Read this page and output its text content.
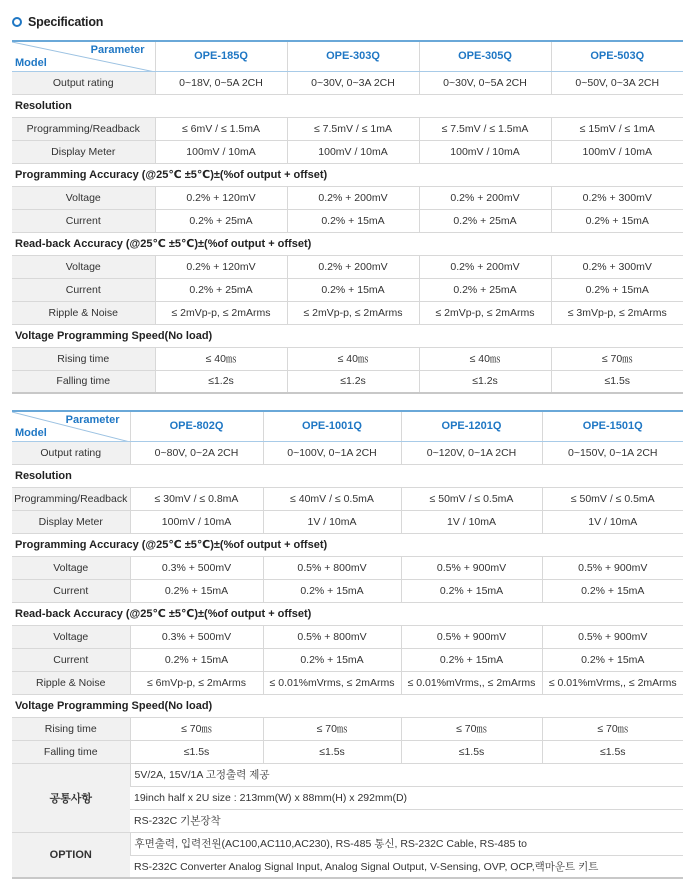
Specification
Parameter
Model	OPE-185Q	OPE-303Q	OPE-305Q	OPE-503Q
Output rating	0~18V, 0~5A 2CH	0~30V, 0~3A 2CH	0~30V, 0~5A 2CH	0~50V, 0~3A 2CH
Resolution				
Programming/Readback	≤ 6mV / ≤ 1.5mA	≤ 7.5mV / ≤ 1mA	≤ 7.5mV / ≤ 1.5mA	≤ 15mV / ≤ 1mA
Display Meter	100mV / 10mA	100mV / 10mA	100mV / 10mA	100mV / 10mA
Programming Accuracy (@25℃ ±5℃)±(%of output + offset)				
Voltage	0.2% + 120mV	0.2% + 200mV	0.2% + 200mV	0.2% + 300mV
Current	0.2% + 25mA	0.2% + 15mA	0.2% + 25mA	0.2% + 15mA
Read-back Accuracy (@25℃ ±5℃)±(%of output + offset)				
Voltage	0.2% + 120mV	0.2% + 200mV	0.2% + 200mV	0.2% + 300mV
Current	0.2% + 25mA	0.2% + 15mA	0.2% + 25mA	0.2% + 15mA
Ripple & Noise	≤ 2mVp-p, ≤ 2mArms	≤ 2mVp-p, ≤ 2mArms	≤ 2mVp-p, ≤ 2mArms	≤ 3mVp-p, ≤ 2mArms
Voltage Programming Speed(No load)				
Rising time	≤ 40㎳	≤ 40㎳	≤ 40㎳	≤ 70㎳
Falling time	≤1.2s	≤1.2s	≤1.2s	≤1.5s
Parameter
Model	OPE-802Q	OPE-1001Q	OPE-1201Q	OPE-1501Q
Output rating	0~80V, 0~2A 2CH	0~100V, 0~1A 2CH	0~120V, 0~1A 2CH	0~150V, 0~1A 2CH
Resolution				
Programming/Readback	≤ 30mV / ≤ 0.8mA	≤ 40mV / ≤ 0.5mA	≤ 50mV / ≤ 0.5mA	≤ 50mV / ≤ 0.5mA
Display Meter	100mV / 10mA	1V / 10mA	1V / 10mA	1V / 10mA
Programming Accuracy (@25℃ ±5℃)±(%of output + offset)				
Voltage	0.3% + 500mV	0.5% + 800mV	0.5% + 900mV	0.5% + 900mV
Current	0.2% + 15mA	0.2% + 15mA	0.2% + 15mA	0.2% + 15mA
Read-back Accuracy (@25℃ ±5℃)±(%of output + offset)				
Voltage	0.3% + 500mV	0.5% + 800mV	0.5% + 900mV	0.5% + 900mV
Current	0.2% + 15mA	0.2% + 15mA	0.2% + 15mA	0.2% + 15mA
Ripple & Noise	≤ 6mVp-p, ≤ 2mArms	≤ 0.01%mVrms, ≤ 2mArms	≤ 0.01%mVrms,, ≤ 2mArms	≤ 0.01%mVrms,, ≤ 2mArms
Voltage Programming Speed(No load)				
Rising time	≤ 70㎳	≤ 70㎳	≤ 70㎳	≤ 70㎳
Falling time	≤1.5s	≤1.5s	≤1.5s	≤1.5s
공통사항	5V/2A, 15V/1A 고정출력 제공			
	19inch half x 2U size : 213mm(W) x 88mm(H) x 292mm(D)			
	RS-232C 기본장착			
OPTION	후면출력, 입력전원(AC100,AC110,AC230), RS-485 통신, RS-232C Cable, RS-485 to			
	RS-232C Converter Analog Signal Input, Analog Signal Output, V-Sensing, OVP, OCP,랙마운트 키트			
